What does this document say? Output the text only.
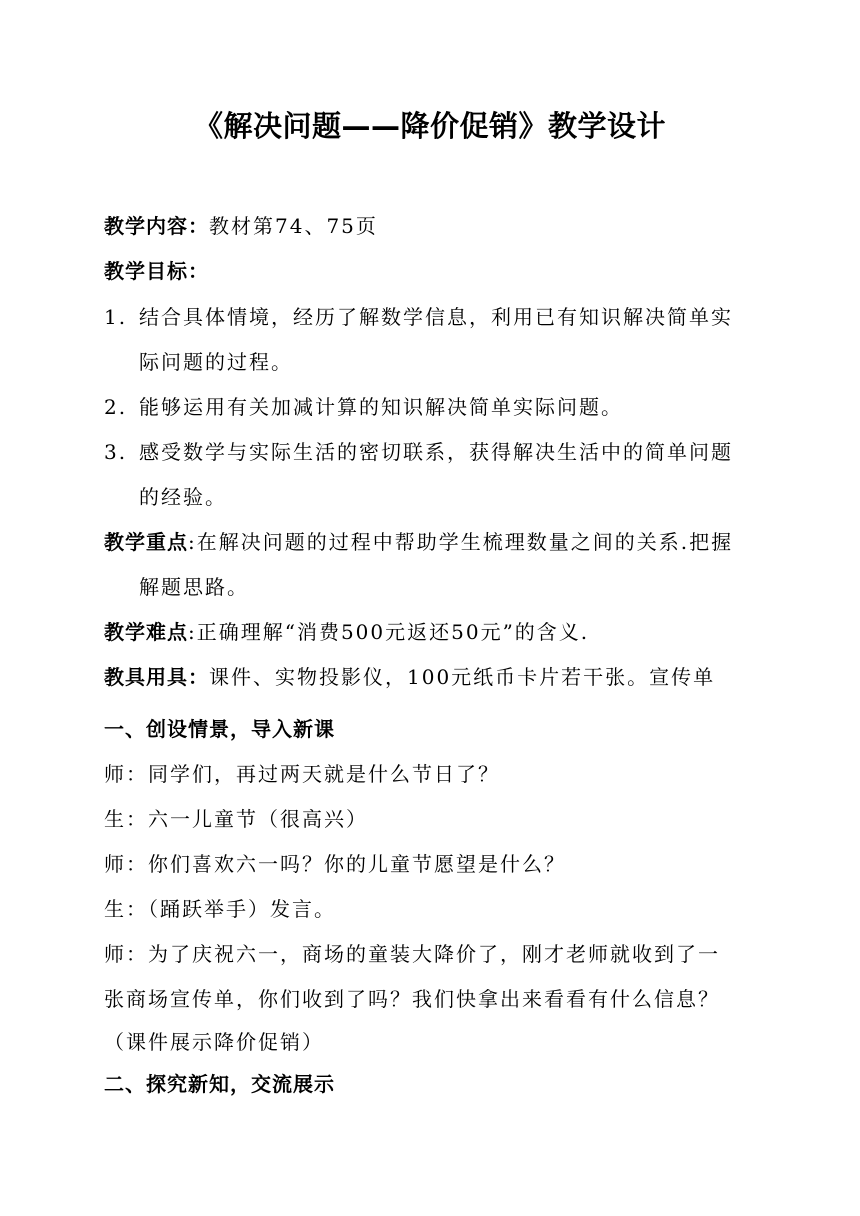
《解决问题——降价促销》教学设计
教学内容：教材第74、75页
教学目标：
1. 结合具体情境，经历了解数学信息，利用已有知识解决简单实
际问题的过程。
2. 能够运用有关加减计算的知识解决简单实际问题。
3. 感受数学与实际生活的密切联系，获得解决生活中的简单问题
的经验。
教学重点:在解决问题的过程中帮助学生梳理数量之间的关系.把握
解题思路。
教学难点:正确理解“消费500元返还50元”的含义.
教具用具：课件、实物投影仪，100元纸币卡片若干张。宣传单
一、创设情景，导入新课
师：同学们，再过两天就是什么节日了？
生：六一儿童节（很高兴）
师：你们喜欢六一吗？你的儿童节愿望是什么？
生：（踊跃举手）发言。
师：为了庆祝六一，商场的童装大降价了，刚才老师就收到了一
张商场宣传单，你们收到了吗？我们快拿出来看看有什么信息？
（课件展示降价促销）
二、探究新知，交流展示
